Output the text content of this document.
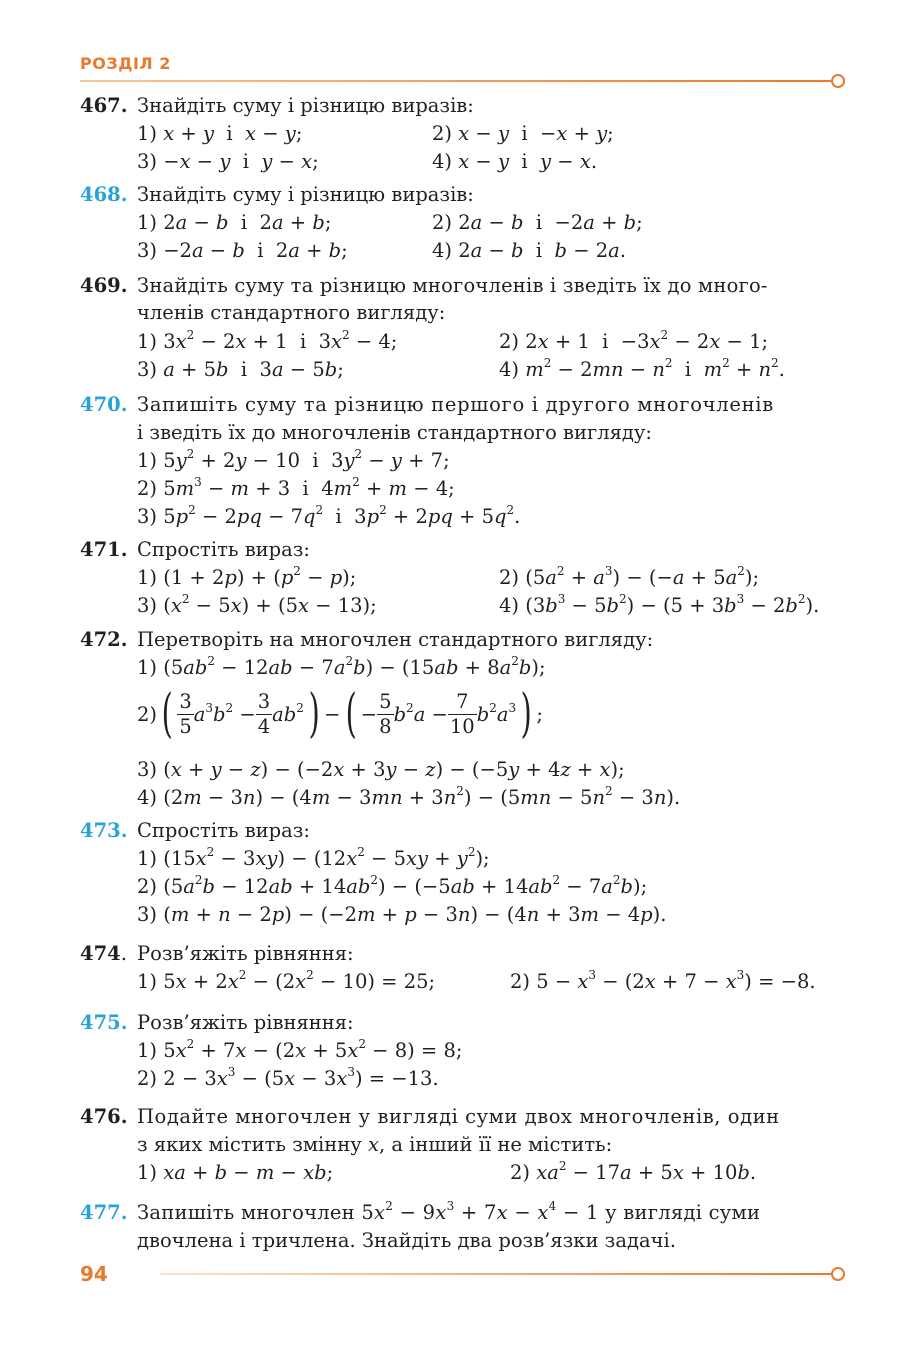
РОЗДІЛ 2
467. Знайдіть суму і різницю виразів:
1) x + y  і  x − y;	2) x − y  і  −x + y;
3) −x − y  і  y − x;	4) x − y  і  y − x.
468. Знайдіть суму і різницю виразів:
1) 2a − b  і  2a + b;	2) 2a − b  і  −2a + b;
3) −2a − b  і  2a + b;	4) 2a − b  і  b − 2a.
469. Знайдіть суму та різницю многочленів і зведіть їх до много-
членів стандартного вигляду:
1) $3x^2 - 2x + 1$  і  $3x^2 - 4$;	2) 2x + 1  $і -3x^2 - 2x - 1$;
3) a + 5b  і  3a − 5b;	4) $m^2 - 2mn - n^2$  і  $m^2 + n^2$.
470. Запишіть суму та різницю першого і другого многочленів
і зведіть їх до многочленів стандартного вигляду:
1) $5y^2 + 2y - 10$  і  $3y^2 - y + 7$;
2) $5m^3 - m + 3$  і  $4m^2 + m - 4$;
3) $5p^2 - 2pq - 7q^2$  і  $3p^2 + 2pq + 5q^2$.
471. Спростіть вираз:
1) $(1 + 2p) + (p^2 - p)$;	2) $(5a^2 + a^3) - (-a + 5a^2)$;
3) $(x^2 - 5x) + (5x - 13)$;	4) $(3b^3 - 5b^2) - (5 + 3b^3 - 2b^2)$.
472. Перетворіть на многочлен стандартного вигляду:
1) $(5ab^2 - 12ab - 7a^2b) - (15ab + 8a^2b)$;
$2)( \frac{3}{5} a^3b^2 - \frac{3}{4} ab^2)$ −( − $\frac{5}{8} b^2a - \frac{7}{10} b^2a^3$) ;
3) (x + y − z) − (−2x + 3y − z) − (−5y + 4z + x);
4) $(2m - 3n) - (4m - 3mn + 3n^2) - (5mn - 5n^2 - 3n)$.
473. Спростіть вираз:
1) $(15x^2 - 3xy) - (12x^2 - 5xy + y^2)$;
2) $(5a^2b - 12ab + 14ab^2) - (-5ab + 14ab^2 - 7a^2b)$;
3) (m + n − 2p) − (−2m + p − 3n) − (4n + 3m − 4p).
474. Розв’яжіть рівняння:
1) $5x + 2x^2 - (2x^2 - 10) = 25$;	2) $5 - x^3 - (2x + 7 - x^3) = -8$.
475. Розв’яжіть рівняння:
1) $5x^2 + 7x - (2x + 5x^2 - 8) = 8$;
2) $2 - 3x^3 - (5x - 3x^3) = -13$.
476. Подайте многочлен у вигляді суми двох многочленів, один
з яких містить змінну x, а інший її не містить:
1) xa + b − m − xb;	2) $xa^2 - 17a + 5x + 10b$.
477. Запишіть многочлен $5x^2 - 9x^3 + 7x - x^4 - 1$ у вигляді суми
двочлена і тричлена. Знайдіть два розв’язки задачі.
94
